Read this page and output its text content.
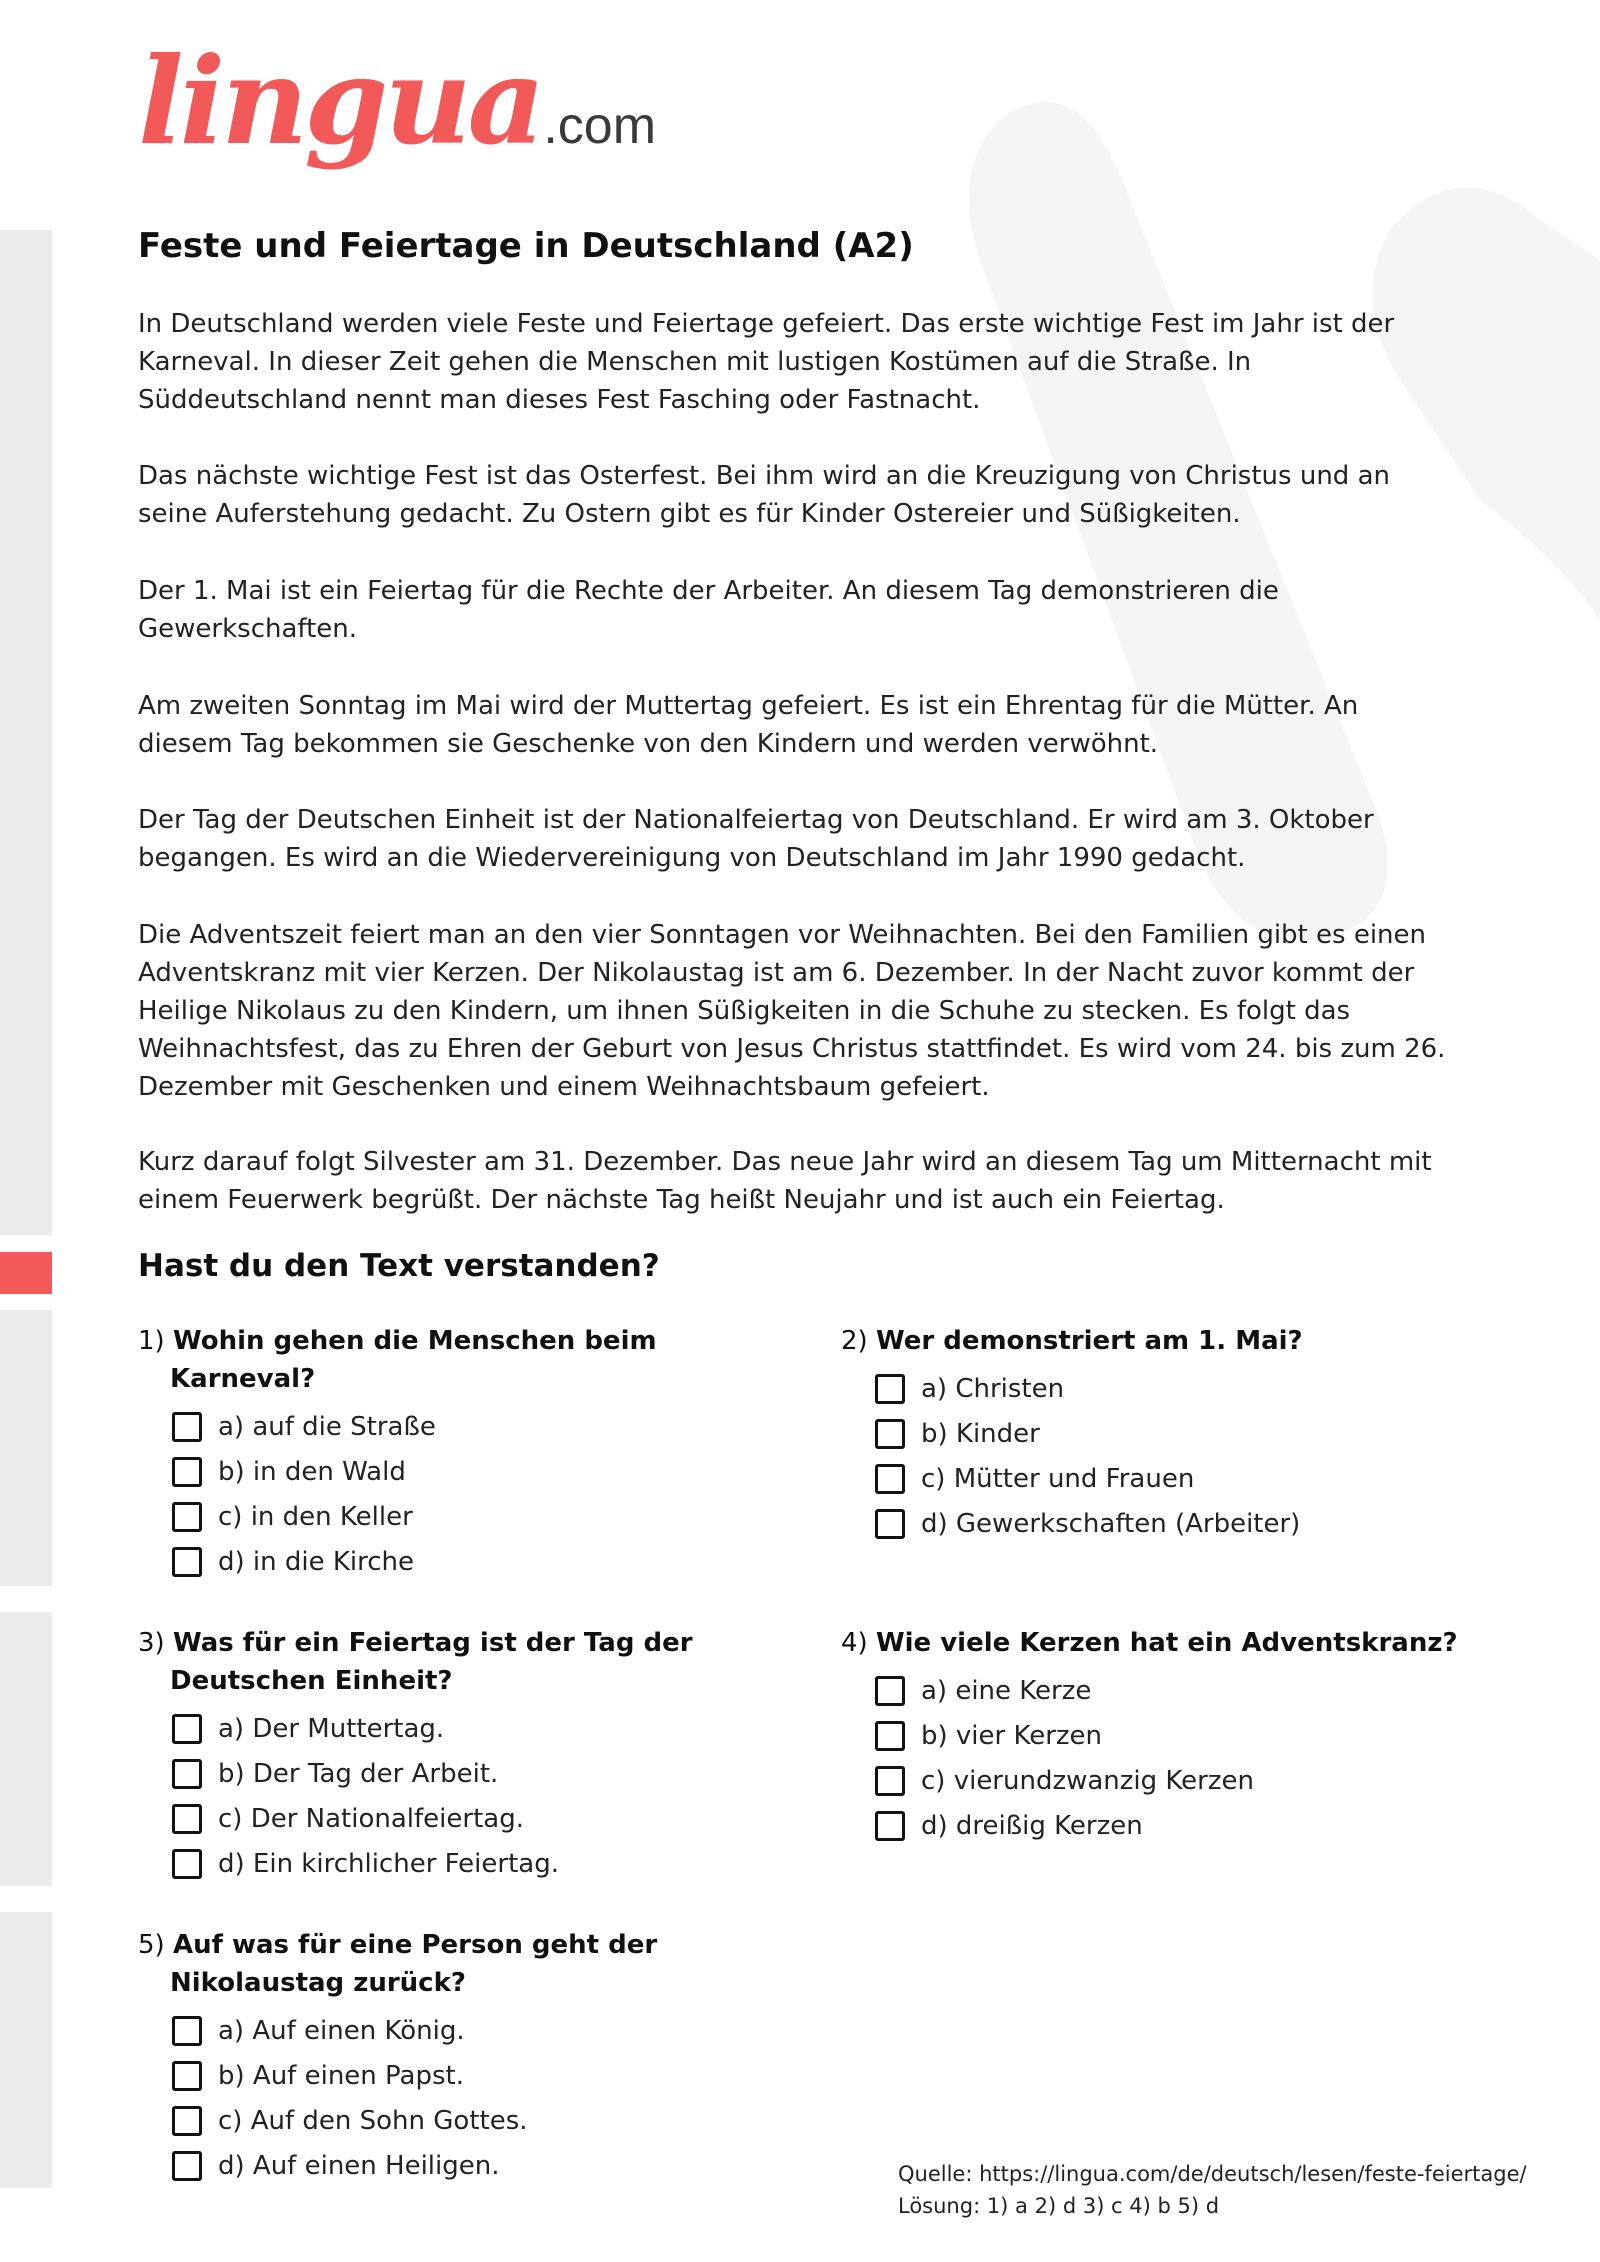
lingua.com
Feste und Feiertage in Deutschland (A2)

In Deutschland werden viele Feste und Feiertage gefeiert. Das erste wichtige Fest im Jahr ist der Karneval. In dieser Zeit gehen die Menschen mit lustigen Kostümen auf die Straße. In Süddeutschland nennt man dieses Fest Fasching oder Fastnacht.

Das nächste wichtige Fest ist das Osterfest. Bei ihm wird an die Kreuzigung von Christus und an seine Auferstehung gedacht. Zu Ostern gibt es für Kinder Ostereier und Süßigkeiten.

Der 1. Mai ist ein Feiertag für die Rechte der Arbeiter. An diesem Tag demonstrieren die Gewerkschaften.

Am zweiten Sonntag im Mai wird der Muttertag gefeiert. Es ist ein Ehrentag für die Mütter. An diesem Tag bekommen sie Geschenke von den Kindern und werden verwöhnt.

Der Tag der Deutschen Einheit ist der Nationalfeiertag von Deutschland. Er wird am 3. Oktober begangen. Es wird an die Wiedervereinigung von Deutschland im Jahr 1990 gedacht.

Die Adventszeit feiert man an den vier Sonntagen vor Weihnachten. Bei den Familien gibt es einen Adventskranz mit vier Kerzen. Der Nikolaustag ist am 6. Dezember. In der Nacht zuvor kommt der Heilige Nikolaus zu den Kindern, um ihnen Süßigkeiten in die Schuhe zu stecken. Es folgt das Weihnachtsfest, das zu Ehren der Geburt von Jesus Christus stattfindet. Es wird vom 24. bis zum 26. Dezember mit Geschenken und einem Weihnachtsbaum gefeiert.

Kurz darauf folgt Silvester am 31. Dezember. Das neue Jahr wird an diesem Tag um Mitternacht mit einem Feuerwerk begrüßt. Der nächste Tag heißt Neujahr und ist auch ein Feiertag.

Hast du den Text verstanden?
1) Wohin gehen die Menschen beim Karneval?
a) auf die Straße
b) in den Wald
c) in den Keller
d) in die Kirche
2) Wer demonstriert am 1. Mai?
a) Christen
b) Kinder
c) Mütter und Frauen
d) Gewerkschaften (Arbeiter)
3) Was für ein Feiertag ist der Tag der Deutschen Einheit?
a) Der Muttertag.
b) Der Tag der Arbeit.
c) Der Nationalfeiertag.
d) Ein kirchlicher Feiertag.
4) Wie viele Kerzen hat ein Adventskranz?
a) eine Kerze
b) vier Kerzen
c) vierundzwanzig Kerzen
d) dreißig Kerzen
5) Auf was für eine Person geht der Nikolaustag zurück?
a) Auf einen König.
b) Auf einen Papst.
c) Auf den Sohn Gottes.
d) Auf einen Heiligen.	Quelle: https://lingua.com/de/deutsch/lesen/feste-feiertage/
Lösung: 1) a 2) d 3) c 4) b 5) d
